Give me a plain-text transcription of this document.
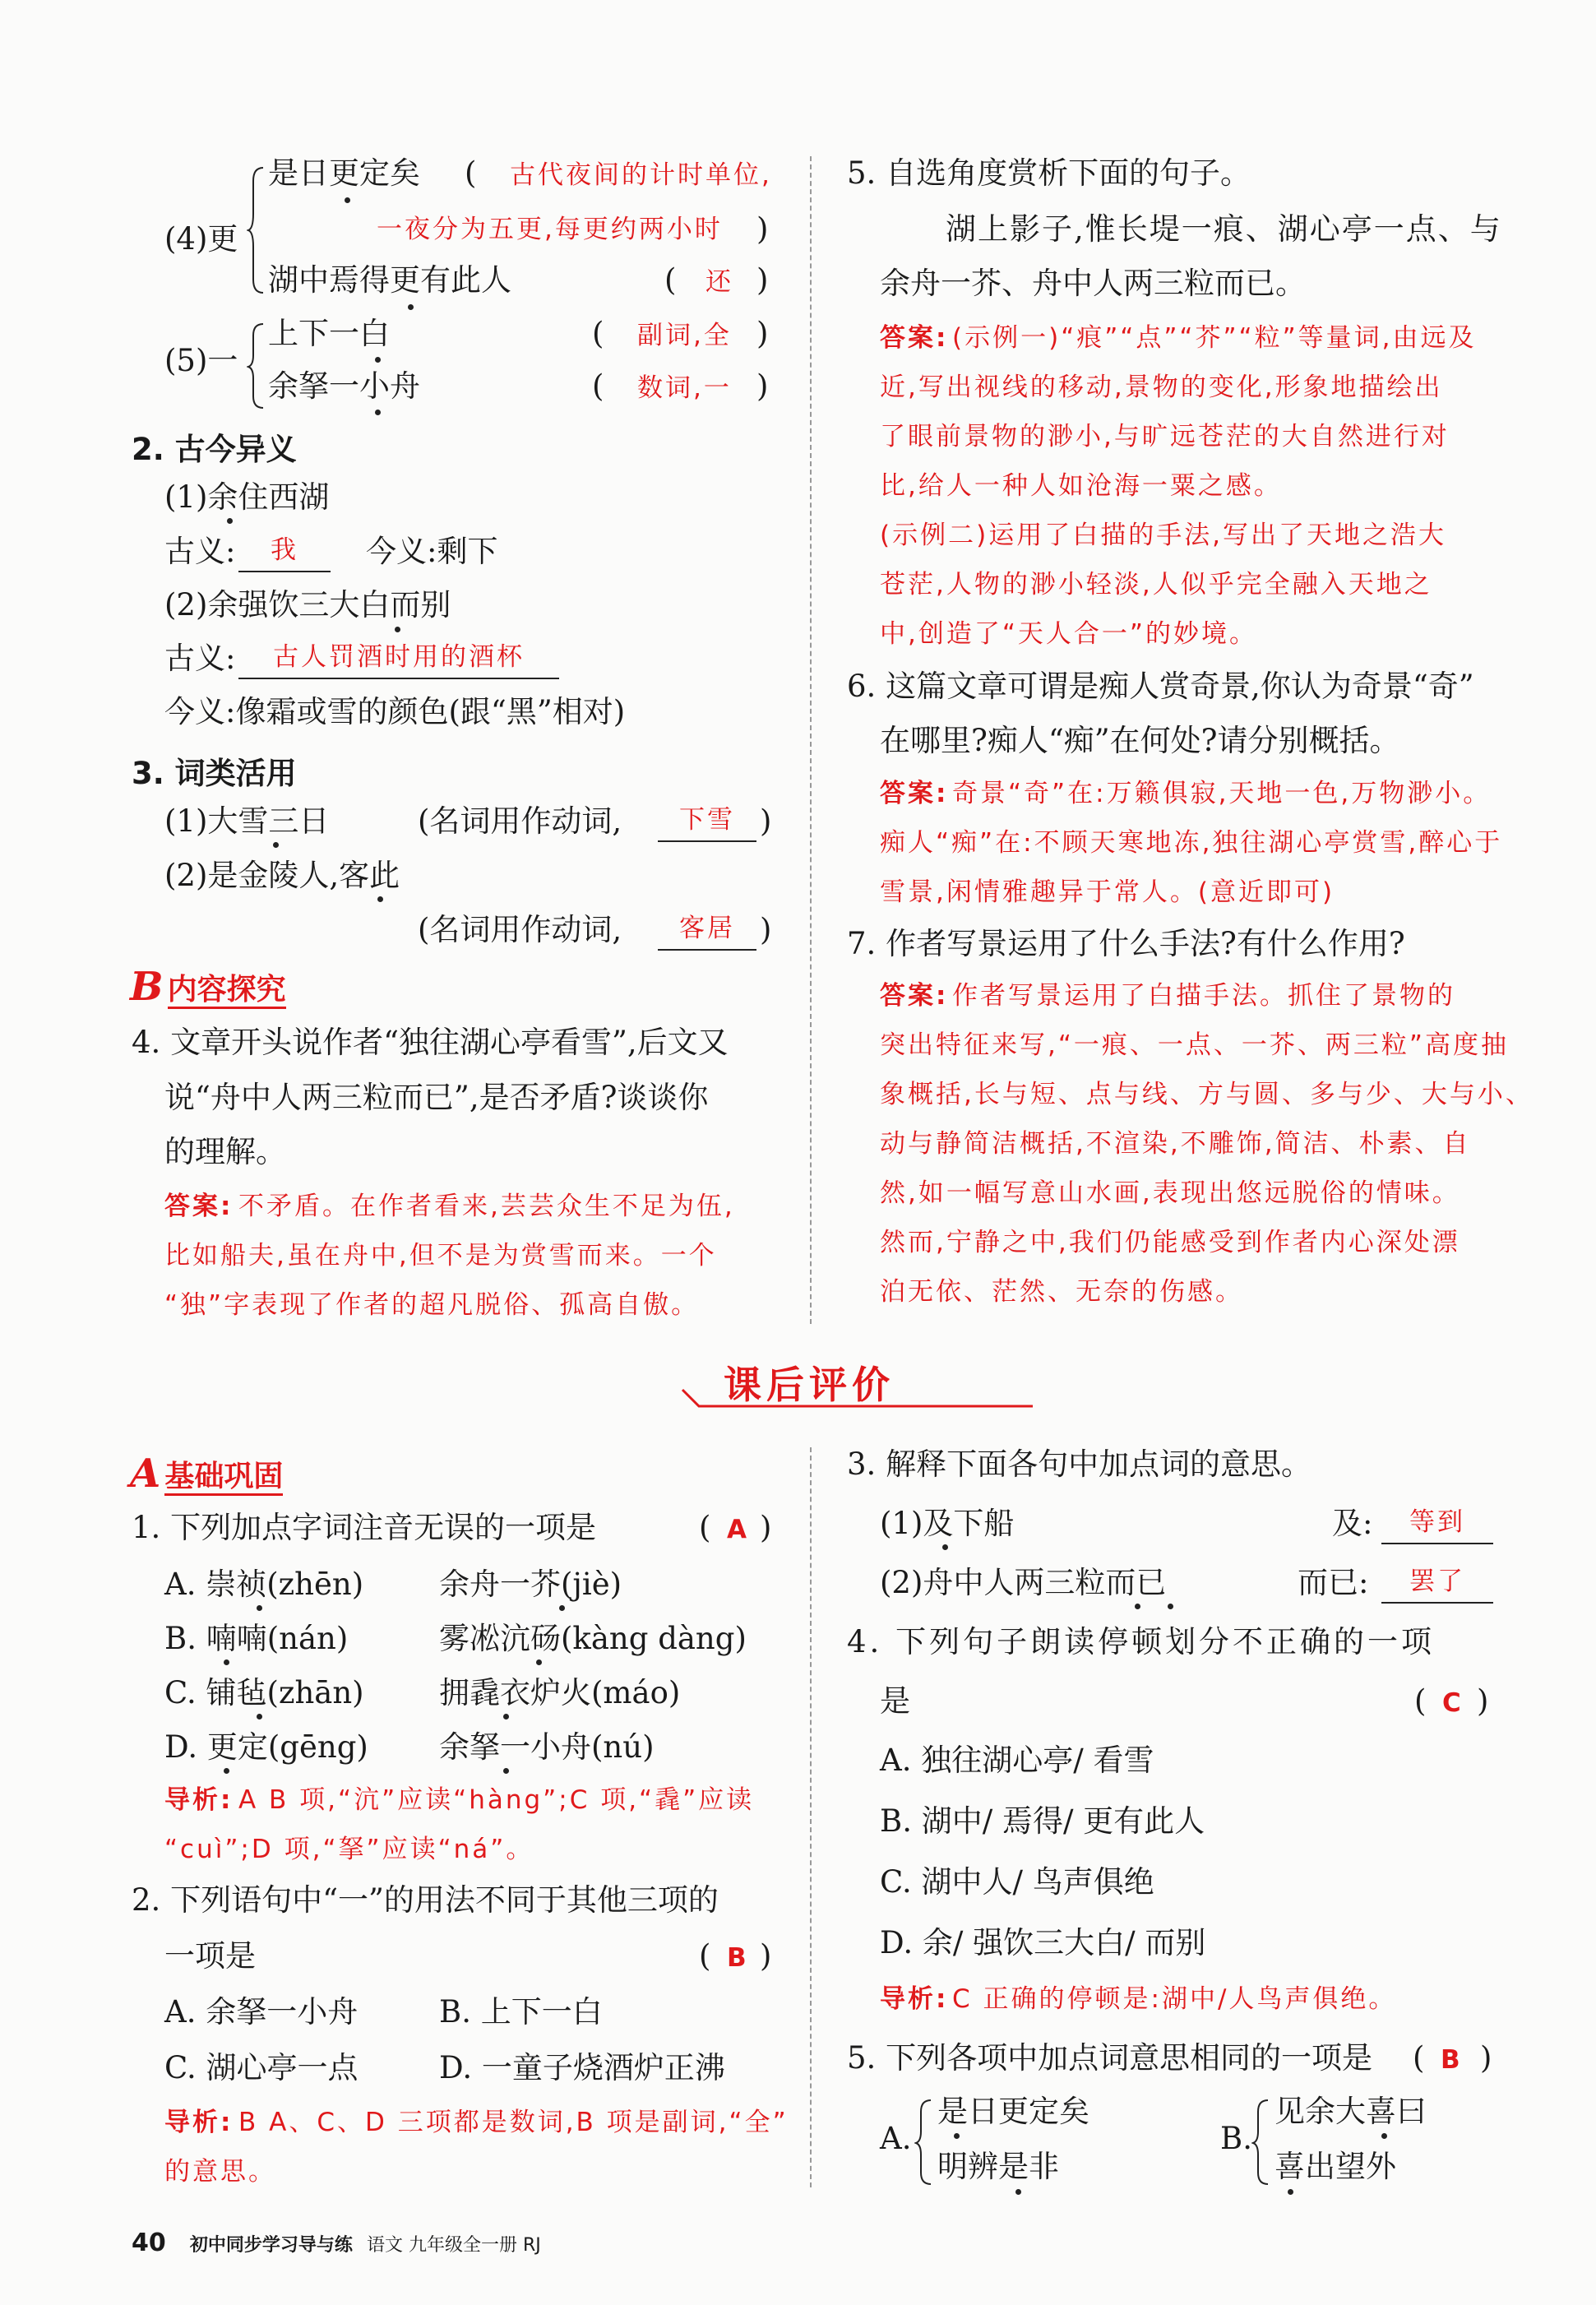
(4)更
是日更定矣 ( 古代夜间的计时单位,
一夜分为五更,每更约两小时 )
湖中焉得更有此人	( 还 )
(5)一
上下一白	( 副词,全 )
余拏一小舟	( 数词,一 )
2. 古今异义
(1)余住西湖
古义:	我	今义:剩下
(2)余强饮三大白而别
古义:	古人罚酒时用的酒杯
今义:像霜或雪的颜色(跟“黑”相对)
3. 词类活用
(1)大雪三日	(名词用作动词,	下雪 )
(2)是金陵人,客此
(名词用作动词,	客居 )
B 内容探究
4. 文章开头说作者“独往湖心亭看雪”,后文又
说“舟中人两三粒而已”,是否矛盾?谈谈你
的理解。
答案: 不矛盾。在作者看来,芸芸众生不足为伍,
比如船夫,虽在舟中,但不是为赏雪而来。一个
“独”字表现了作者的超凡脱俗、孤高自傲。
5. 自选角度赏析下面的句子。
湖上影子,惟长堤一痕、湖心亭一点、与
余舟一芥、舟中人两三粒而已。
答案: (示例一)“痕”“点”“芥”“粒”等量词,由远及
近,写出视线的移动,景物的变化,形象地描绘出
了眼前景物的渺小,与旷远苍茫的大自然进行对
比,给人一种人如沧海一粟之感。
(示例二)运用了白描的手法,写出了天地之浩大
苍茫,人物的渺小轻淡,人似乎完全融入天地之
中,创造了“天人合一”的妙境。
6. 这篇文章可谓是痴人赏奇景,你认为奇景“奇”
在哪里?痴人“痴”在何处?请分别概括。
答案: 奇景“奇”在:万籁俱寂,天地一色,万物渺小。
痴人“痴”在:不顾天寒地冻,独往湖心亭赏雪,醉心于
雪景,闲情雅趣异于常人。(意近即可)
7. 作者写景运用了什么手法?有什么作用?
答案: 作者写景运用了白描手法。抓住了景物的
突出特征来写,“一痕、一点、一芥、两三粒”高度抽
象概括,长与短、点与线、方与圆、多与少、大与小、
动与静简洁概括,不渲染,不雕饰,简洁、朴素、自
然,如一幅写意山水画,表现出悠远脱俗的情味。
然而,宁静之中,我们仍能感受到作者内心深处漂
泊无依、茫然、无奈的伤感。
课后评价
A 基础巩固
1. 下列加点字词注音无误的一项是	( A )
A. 崇祯(zhēn) 余舟一芥(jiè)
B. 喃喃(nán)	雾凇沆砀(kàng dàng)
C. 铺毡(zhān) 拥毳衣炉火(máo)
D. 更定(gēng) 余拏一小舟(nú)
导析: A B 项,“沆”应读“hàng”;C 项,“毳”应读
“cuì”;D 项,“拏”应读“ná”。
2. 下列语句中“一”的用法不同于其他三项的
一项是	( B )
A. 余拏一小舟	B. 上下一白
C. 湖心亭一点	D. 一童子烧酒炉正沸
导析: B A、C、D 三项都是数词,B 项是副词,“全”
的意思。
3. 解释下面各句中加点词的意思。
(1)及下船	及:	等到
(2)舟中人两三粒而已	而已:	罢了
4. 下列句子朗读停顿划分不正确的一项
是	( C )
A. 独往湖心亭/ 看雪
B. 湖中/ 焉得/ 更有此人
C. 湖中人/ 鸟声俱绝
D. 余/ 强饮三大白/ 而别
导析: C 正确的停顿是:湖中/人鸟声俱绝。
5. 下列各项中加点词意思相同的一项是 ( B )
A.
是日更定矣
明辨是非
B.
见余大喜曰
喜出望外
40 初中同步学习导与练 语文 九年级全一册 RJ
